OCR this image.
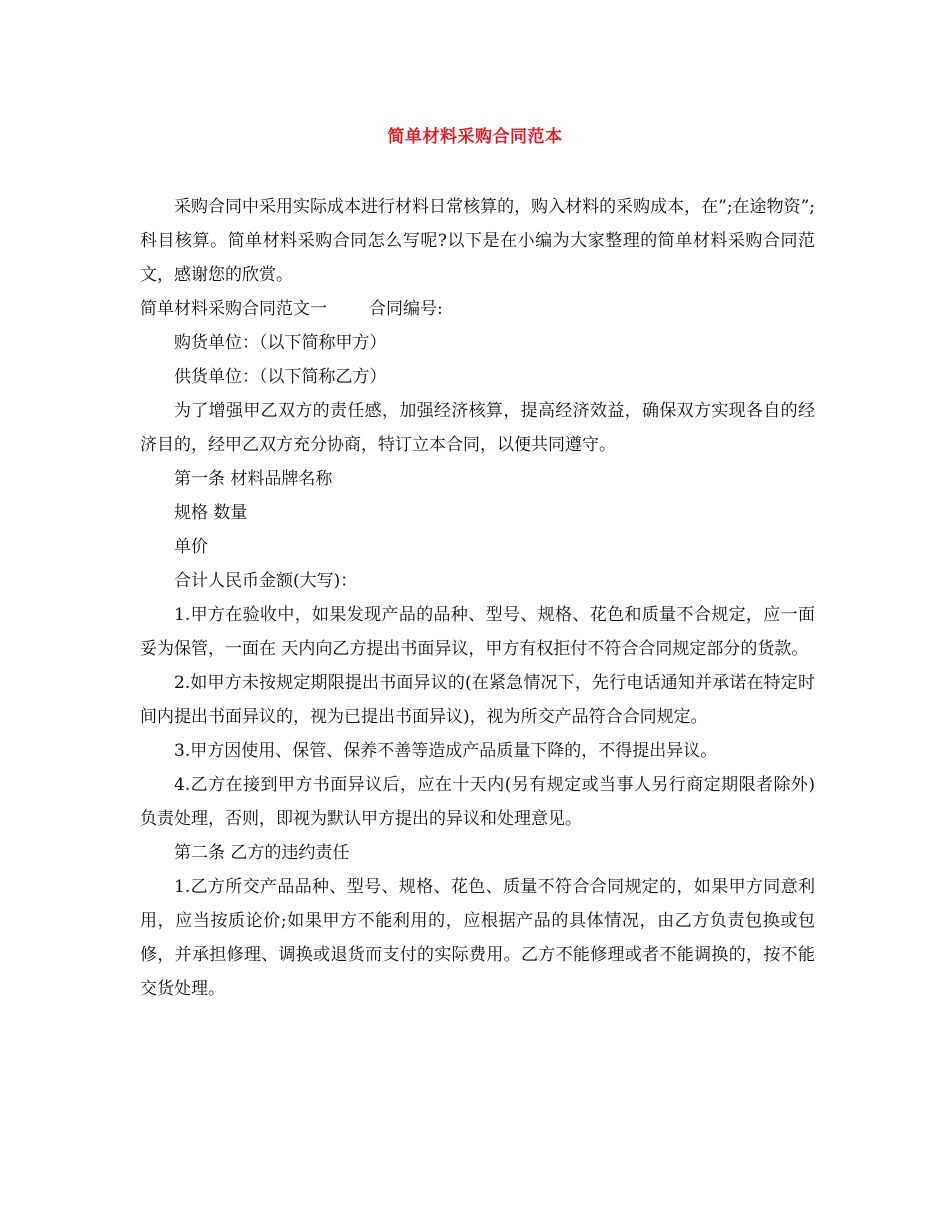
简单材料采购合同范本

采购合同中采用实际成本进行材料日常核算的，购入材料的采购成本，在”;在途物资”;科目核算。简单材料采购合同怎么写呢?以下是在小编为大家整理的简单材料采购合同范文，感谢您的欣赏。

简单材料采购合同范文一 合同编号:

购货单位：（以下简称甲方）

供货单位：（以下简称乙方）

为了增强甲乙双方的责任感，加强经济核算，提高经济效益，确保双方实现各自的经济目的，经甲乙双方充分协商，特订立本合同，以便共同遵守。

第一条 材料品牌名称

规格 数量

单价

合计人民币金额(大写)：

1.甲方在验收中，如果发现产品的品种、型号、规格、花色和质量不合规定，应一面妥为保管，一面在 天内向乙方提出书面异议，甲方有权拒付不符合合同规定部分的货款。

2.如甲方未按规定期限提出书面异议的(在紧急情况下，先行电话通知并承诺在特定时间内提出书面异议的，视为已提出书面异议)，视为所交产品符合合同规定。

3.甲方因使用、保管、保养不善等造成产品质量下降的，不得提出异议。

4.乙方在接到甲方书面异议后，应在十天内(另有规定或当事人另行商定期限者除外)负责处理，否则，即视为默认甲方提出的异议和处理意见。

第二条 乙方的违约责任

1.乙方所交产品品种、型号、规格、花色、质量不符合合同规定的，如果甲方同意利用，应当按质论价;如果甲方不能利用的，应根据产品的具体情况，由乙方负责包换或包修，并承担修理、调换或退货而支付的实际费用。乙方不能修理或者不能调换的，按不能交货处理。
